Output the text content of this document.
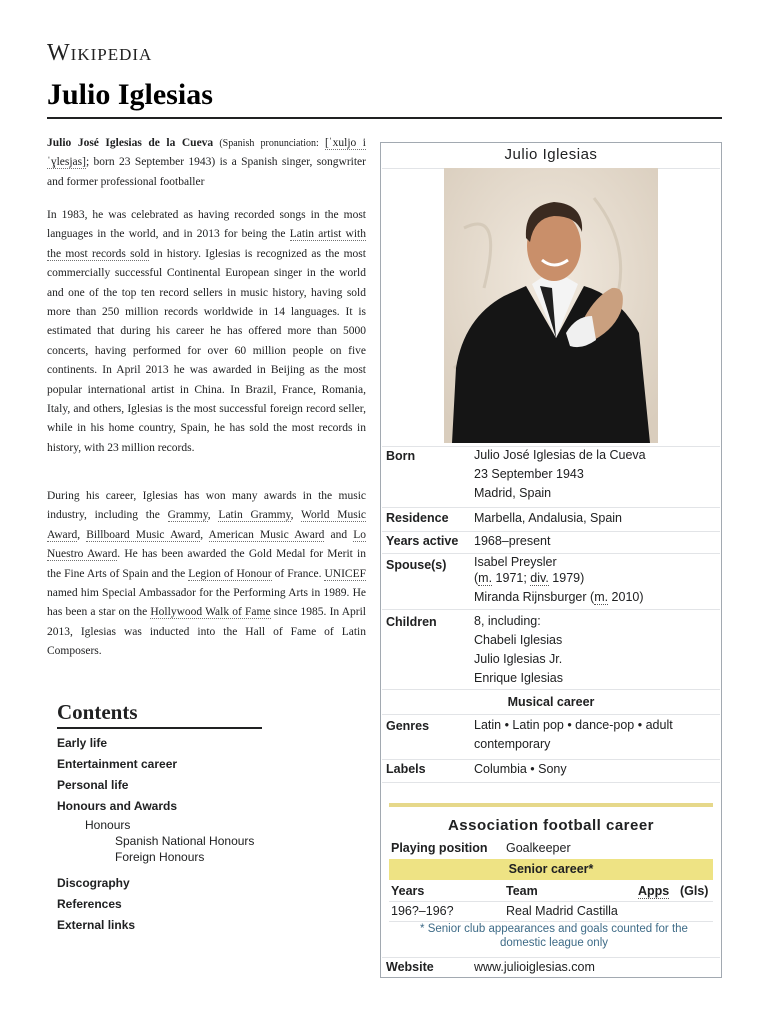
Wikipedia
Julio Iglesias

Julio José Iglesias de la Cueva (Spanish pronunciation: [ˈxuljo i ˈɣlesjas]; born 23 September 1943) is a Spanish singer, songwriter and former professional footballer

In 1983, he was celebrated as having recorded songs in the most languages in the world, and in 2013 for being the Latin artist with the most records sold in history. Iglesias is recognized as the most commercially successful Continental European singer in the world and one of the top ten record sellers in music history, having sold more than 250 million records worldwide in 14 languages. It is estimated that during his career he has offered more than 5000 concerts, having performed for over 60 million people on five continents. In April 2013 he was awarded in Beijing as the most popular international artist in China. In Brazil, France, Romania, Italy, and others, Iglesias is the most successful foreign record seller, while in his home country, Spain, he has sold the most records in history, with 23 million records.

During his career, Iglesias has won many awards in the music industry, including the Grammy, Latin Grammy, World Music Award, Billboard Music Award, American Music Award and Lo Nuestro Award. He has been awarded the Gold Medal for Merit in the Fine Arts of Spain and the Legion of Honour of France. UNICEF named him Special Ambassador for the Performing Arts in 1989. He has been a star on the Hollywood Walk of Fame since 1985. In April 2013, Iglesias was inducted into the Hall of Fame of Latin Composers.

Contents
Early life
Entertainment career
Personal life
Honours and Awards
Honours
Spanish National Honours
Foreign Honours
Discography
References
External links
Julio Iglesias
Born	Julio José Iglesias de la Cueva
23 September 1943
Madrid, Spain
Residence Marbella, Andalusia, Spain
Years active 1968–present
Spouse(s) Isabel Preysler
(m. 1971; div. 1979)
Miranda Rijnsburger (m. 2010)
Children	8, including:
Chabeli Iglesias
Julio Iglesias Jr.
Enrique Iglesias
Musical career
Genres	Latin • Latin pop • dance-pop • adult contemporary
Labels	Columbia • Sony
Association football career
Playing position Goalkeeper
Senior career*
Years	Team	Apps (Gls)
196?–196?	Real Madrid Castilla
* Senior club appearances and goals counted for the domestic league only
Website	www.julioiglesias.com
